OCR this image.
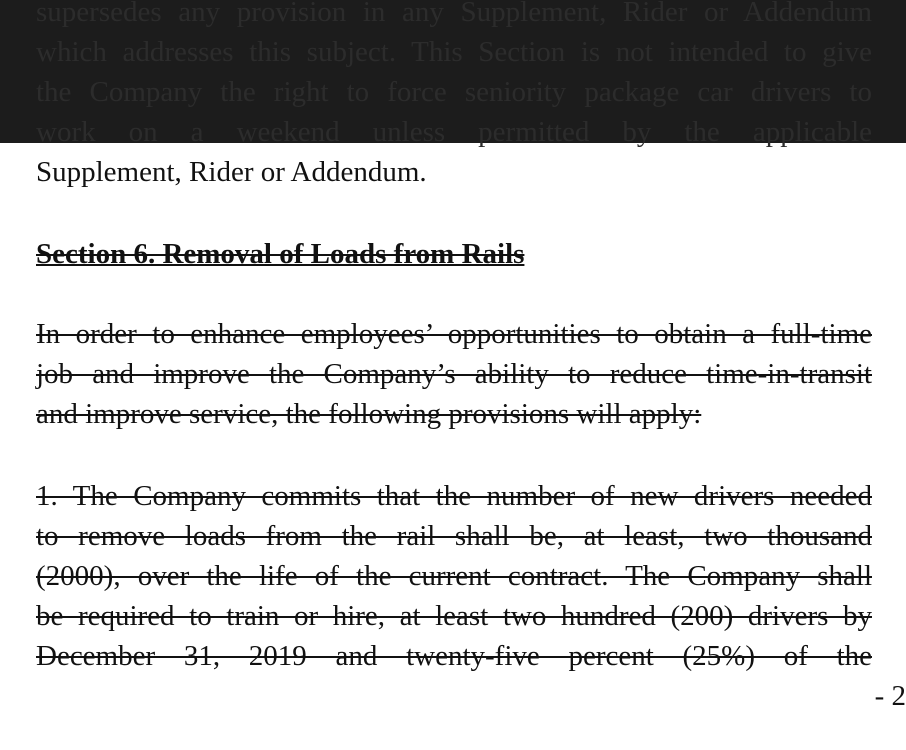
supersedes any provision in any Supplement, Rider or Addendum
which addresses this subject. This Section is not intended to give
the Company the right to force seniority package car drivers to
work on a weekend unless permitted by the applicable
Supplement, Rider or Addendum.
Section 6. Removal of Loads from Rails
In order to enhance employees’ opportunities to obtain a full-time
job and improve the Company’s ability to reduce time-in-transit
and improve service, the following provisions will apply:
1. The Company commits that the number of new drivers needed
to remove loads from the rail shall be, at least, two thousand
(2000), over the life of the current contract. The Company shall
be required to train or hire, at least two hundred (200) drivers by
December 31, 2019 and twenty-five percent (25%) of the
- 2
